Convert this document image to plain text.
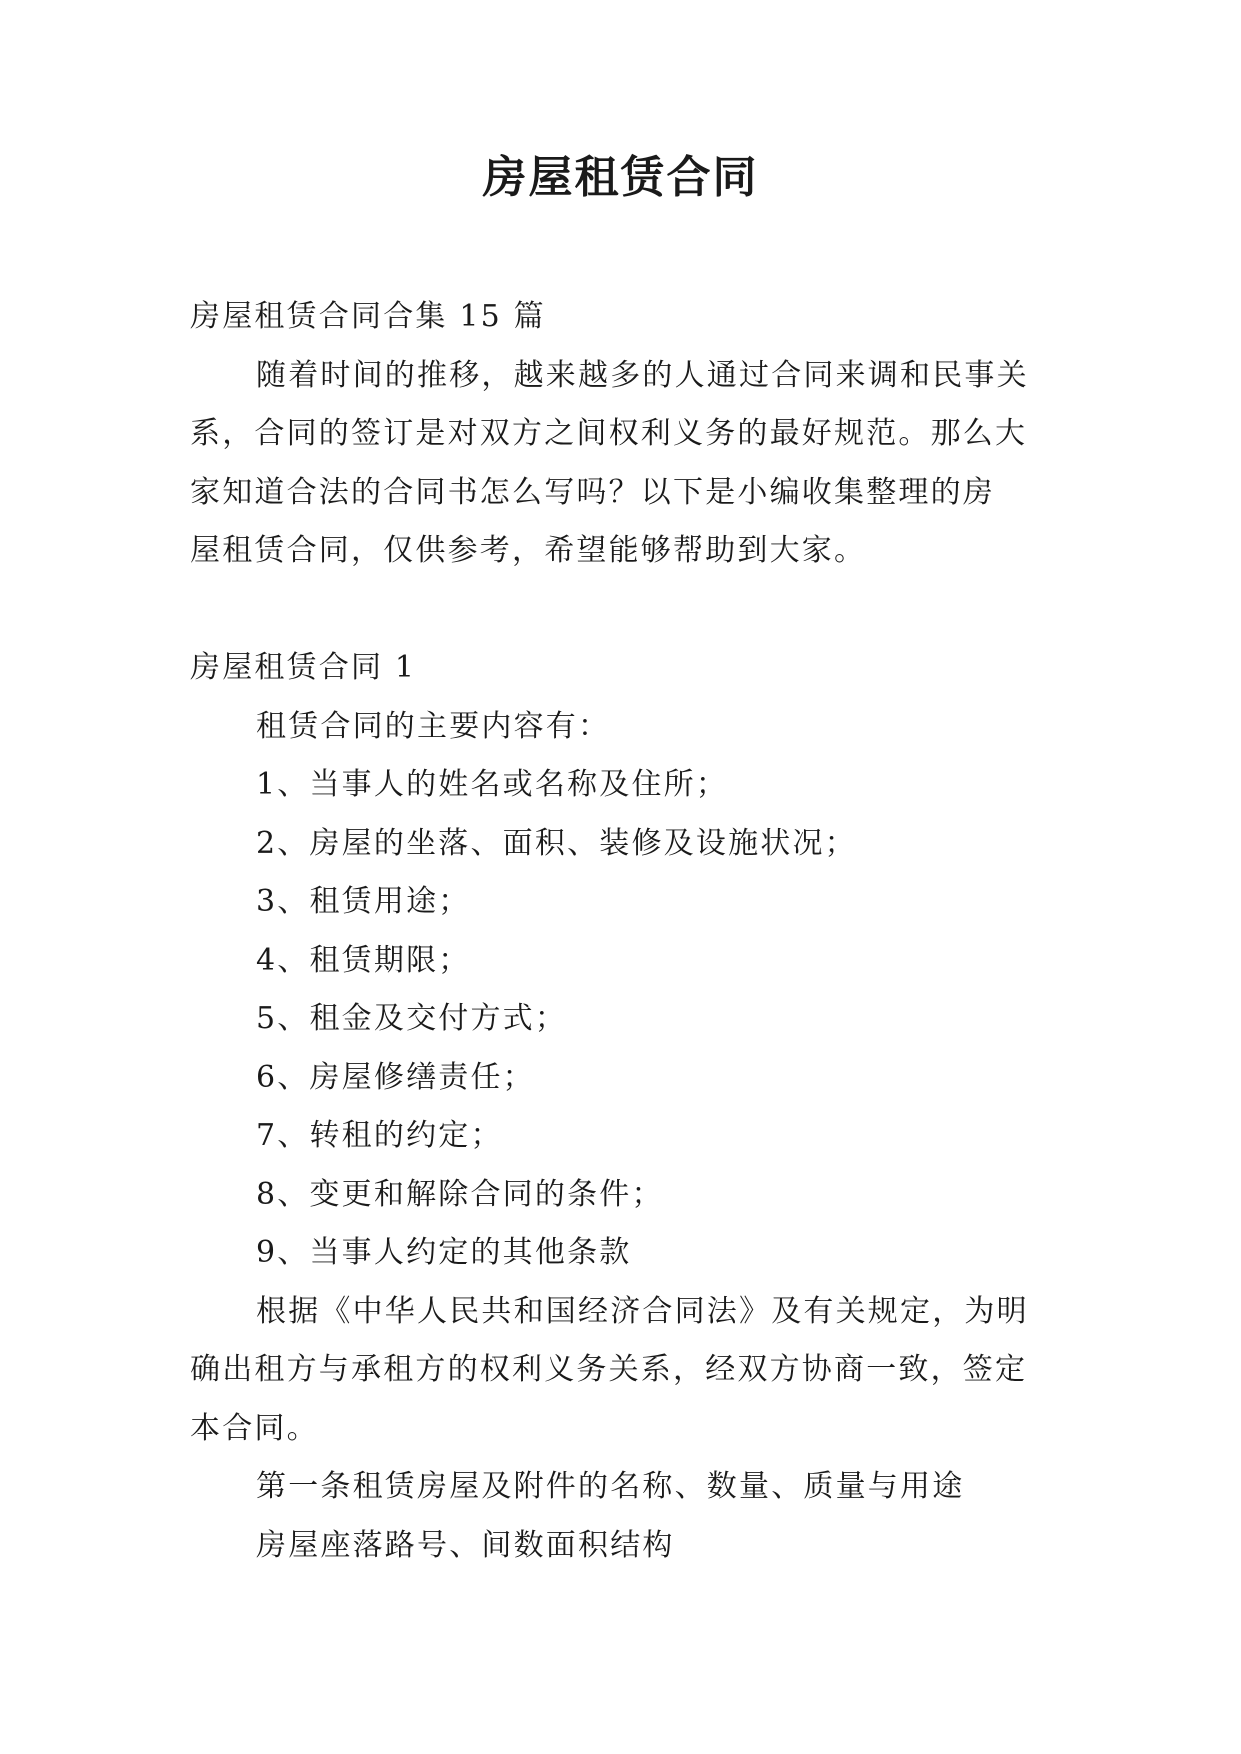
房屋租赁合同

房屋租赁合同合集 15 篇

随着时间的推移，越来越多的人通过合同来调和民事关

系，合同的签订是对双方之间权利义务的最好规范。那么大

家知道合法的合同书怎么写吗？以下是小编收集整理的房

屋租赁合同，仅供参考，希望能够帮助到大家。

房屋租赁合同 1

租赁合同的主要内容有：

1、当事人的姓名或名称及住所；

2、房屋的坐落、面积、装修及设施状况；

3、租赁用途；

4、租赁期限；

5、租金及交付方式；

6、房屋修缮责任；

7、转租的约定；

8、变更和解除合同的条件；

9、当事人约定的其他条款

根据《中华人民共和国经济合同法》及有关规定，为明

确出租方与承租方的权利义务关系，经双方协商一致，签定

本合同。

第一条租赁房屋及附件的名称、数量、质量与用途

房屋座落路号、间数面积结构
